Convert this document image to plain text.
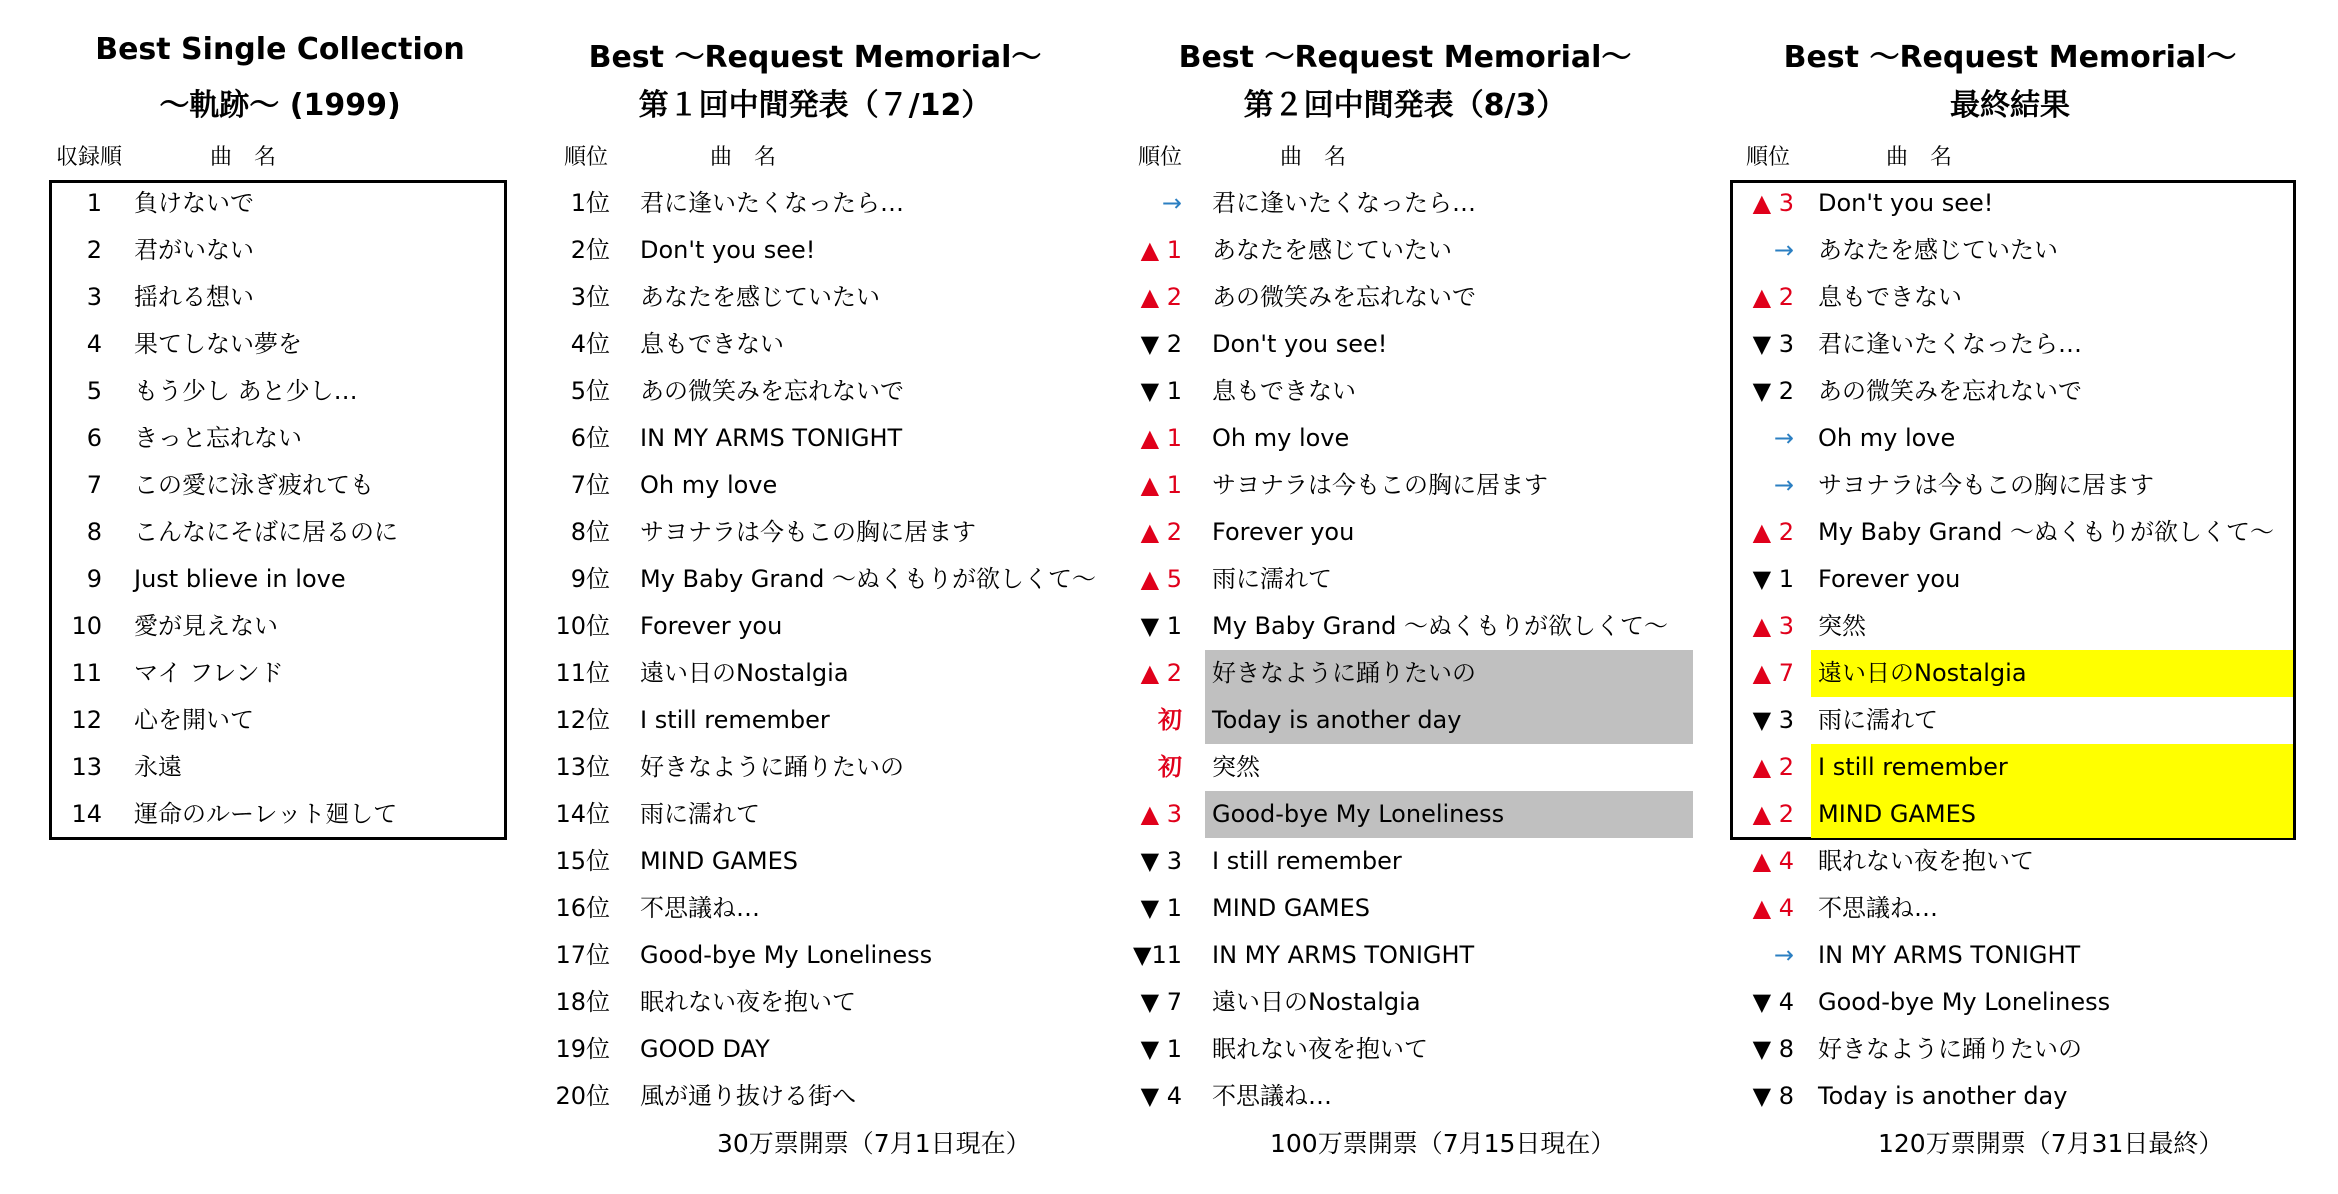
Best Single Collection
〜軌跡〜 (1999)
収録順	曲　名
1 負けないで
2 君がいない
3 揺れる想い
4 果てしない夢を
5 もう少し あと少し…
6 きっと忘れない
7 この愛に泳ぎ疲れても
8 こんなにそばに居るのに
9 Just blieve in love
10 愛が見えない
11 マイ フレンド
12 心を開いて
13 永遠
14 運命のルーレット廻して
Best ～Request Memorial～
第１回中間発表（７/12）
順位	曲　名
1位 君に逢いたくなったら…
2位 Don't you see!
3位 あなたを感じていたい
4位 息もできない
5位 あの微笑みを忘れないで
6位 IN MY ARMS TONIGHT
7位 Oh my love
8位 サヨナラは今もこの胸に居ます
9位 My Baby Grand ～ぬくもりが欲しくて～
10位 Forever you
11位 遠い日のNostalgia
12位 I still remember
13位 好きなように踊りたいの
14位 雨に濡れて
15位 MIND GAMES
16位 不思議ね…
17位 Good-bye My Loneliness
18位 眠れない夜を抱いて
19位 GOOD DAY
20位 風が通り抜ける街へ
30万票開票（7月1日現在）
Best ～Request Memorial～
第２回中間発表（8/3）
順位	曲　名
→ 君に逢いたくなったら…
▲ 1 あなたを感じていたい
▲ 2 あの微笑みを忘れないで
▼ 2 Don't you see!
▼ 1 息もできない
▲ 1 Oh my love
▲ 1 サヨナラは今もこの胸に居ます
▲ 2 Forever you
▲ 5 雨に濡れて
▼ 1 My Baby Grand ～ぬくもりが欲しくて～
▲ 2 好きなように踊りたいの
初 Today is another day
初 突然
▲ 3 Good-bye My Loneliness
▼ 3 I still remember
▼ 1 MIND GAMES
▼11 IN MY ARMS TONIGHT
▼ 7 遠い日のNostalgia
▼ 1 眠れない夜を抱いて
▼ 4 不思議ね…
100万票開票（7月15日現在）
Best ～Request Memorial～
最終結果
順位	曲　名
▲ 3 Don't you see!
→ あなたを感じていたい
▲ 2 息もできない
▼ 3 君に逢いたくなったら…
▼ 2 あの微笑みを忘れないで
→ Oh my love
→ サヨナラは今もこの胸に居ます
▲ 2 My Baby Grand ～ぬくもりが欲しくて～
▼ 1 Forever you
▲ 3 突然
▲ 7 遠い日のNostalgia
▼ 3 雨に濡れて
▲ 2 I still remember
▲ 2 MIND GAMES
▲ 4 眠れない夜を抱いて
▲ 4 不思議ね…
→ IN MY ARMS TONIGHT
▼ 4 Good-bye My Loneliness
▼ 8 好きなように踊りたいの
▼ 8 Today is another day
120万票開票（7月31日最終）
